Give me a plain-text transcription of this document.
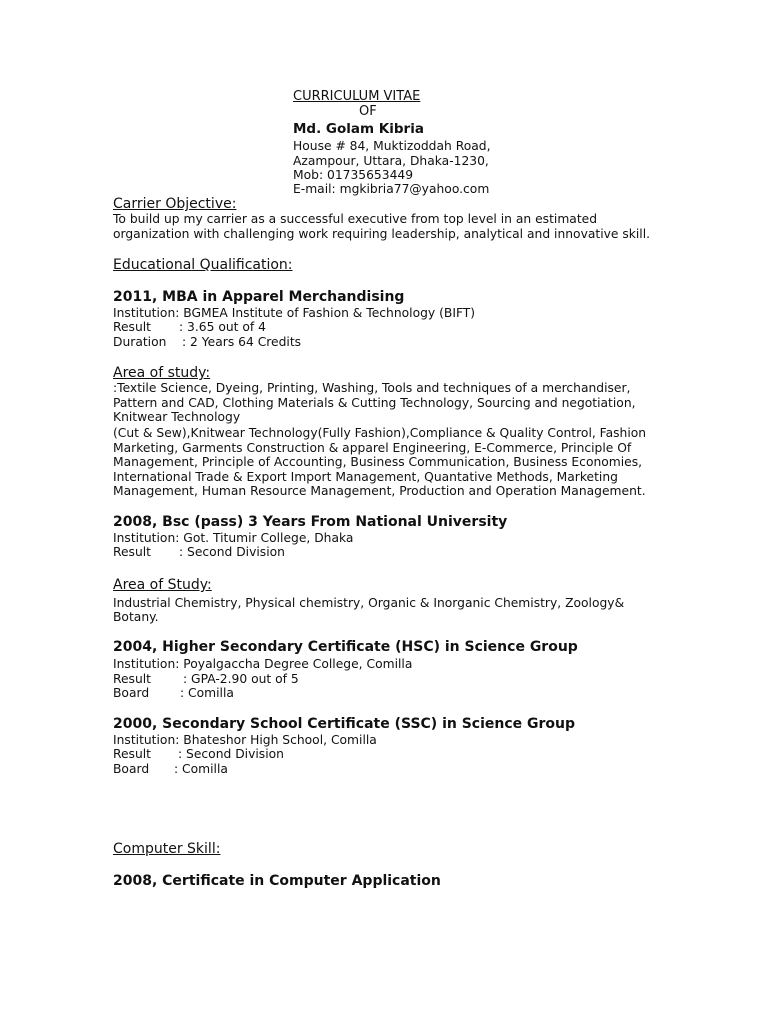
CURRICULUM VITAE
OF
Md. Golam Kibria
House # 84, Muktizoddah Road,
Azampour, Uttara, Dhaka-1230,
Mob: 01735653449
E-mail: mgkibria77@yahoo.com
Carrier Objective:
To build up my carrier as a successful executive from top level in an estimated
organization with challenging work requiring leadership, analytical and innovative skill.
Educational Qualification:
2011, MBA in Apparel Merchandising
Institution: BGMEA Institute of Fashion & Technology (BIFT)
Result : 3.65 out of 4
Duration : 2 Years 64 Credits
Area of study:
:Textile Science, Dyeing, Printing, Washing, Tools and techniques of a merchandiser,
Pattern and CAD, Clothing Materials & Cutting Technology, Sourcing and negotiation,
Knitwear Technology
(Cut & Sew),Knitwear Technology(Fully Fashion),Compliance & Quality Control, Fashion
Marketing, Garments Construction & apparel Engineering, E-Commerce, Principle Of
Management, Principle of Accounting, Business Communication, Business Economies,
International Trade & Export Import Management, Quantative Methods, Marketing
Management, Human Resource Management, Production and Operation Management.
2008, Bsc (pass) 3 Years From National University
Institution: Got. Titumir College, Dhaka
Result : Second Division
Area of Study:
Industrial Chemistry, Physical chemistry, Organic & Inorganic Chemistry, Zoology&
Botany.
2004, Higher Secondary Certificate (HSC) in Science Group
Institution: Poyalgaccha Degree College, Comilla
Result	: GPA-2.90 out of 5
Board	: Comilla
2000, Secondary School Certificate (SSC) in Science Group
Institution: Bhateshor High School, Comilla
Result : Second Division
Board : Comilla
Computer Skill:
2008, Certificate in Computer Application
